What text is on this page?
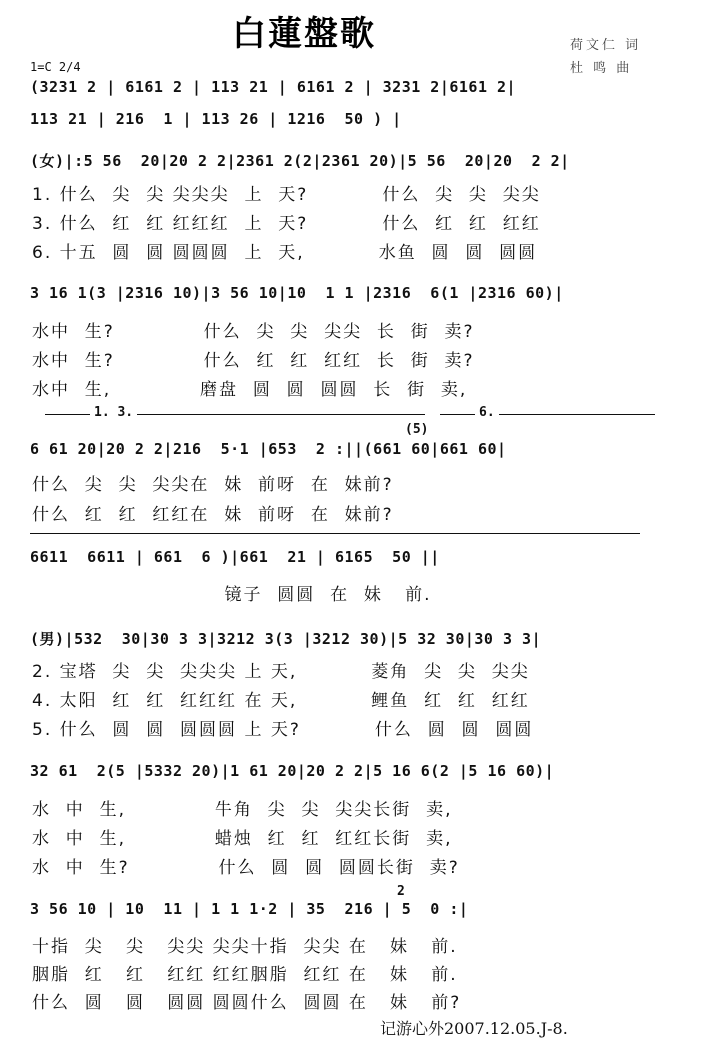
白蓮盤歌	荷文仁 词
杜 鸣 曲
1=C 2/4
(3231 2 | 6161 2 | 113 21 | 6161 2 | 3231 2|6161 2|
113 21 | 216  1 | 113 26 | 1216  50 ) |
(女)|:5 56  20|20 2 2|2361 2(2|2361 20)|5 56  20|20  2 2|
1. 什么  尖  尖 尖尖尖  上  天?          什么  尖  尖  尖尖
3. 什么  红  红 红红红  上  天?          什么  红  红  红红
6. 十五  圆  圆 圆圆圆  上  天,          水鱼  圆  圆  圆圆
3 16 1(3 |2316 10)|3 56 10|10  1 1 |2316  6(1 |2316 60)|
水中  生?            什么  尖  尖  尖尖  长  街  卖?
水中  生?            什么  红  红  红红  长  街  卖?
水中  生,            磨盘  圆  圆  圆圆  长  街  卖,
1. 3.	6.
(5)
6 61 20|20 2 2|216  5·1 |653  2 :||(661 60|661 60|
什么  尖  尖  尖尖在  妹  前呀  在  妹前?
什么  红  红  红红在  妹  前呀  在  妹前?
6611  6611 | 661  6 )|661  21 | 6165  50 ||
镜子  圆圆  在  妹   前.
(男)|532  30|30 3 3|3212 3(3 |3212 30)|5 32 30|30 3 3|
2. 宝塔  尖  尖  尖尖尖 上 天,          菱角  尖  尖  尖尖
4. 太阳  红  红  红红红 在 天,          鲤鱼  红  红  红红
5. 什么  圆  圆  圆圆圆 上 天?          什么  圆  圆  圆圆
32 61  2(5 |5332 20)|1 61 20|20 2 2|5 16 6(2 |5 16 60)|
水  中  生,            牛角  尖  尖  尖尖长街  卖,
水  中  生,            蜡烛  红  红  红红长街  卖,
水  中  生?            什么  圆  圆  圆圆长街  卖?
2
3 56 10 | 10  11 | 1 1 1·2 | 35  216 | 5  0 :|
十指  尖   尖   尖尖 尖尖十指  尖尖 在   妹   前.
胭脂  红   红   红红 红红胭脂  红红 在   妹   前.
什么  圆   圆   圆圆 圆圆什么  圆圆 在   妹   前?
记游心外2007.12.05.J-8.
